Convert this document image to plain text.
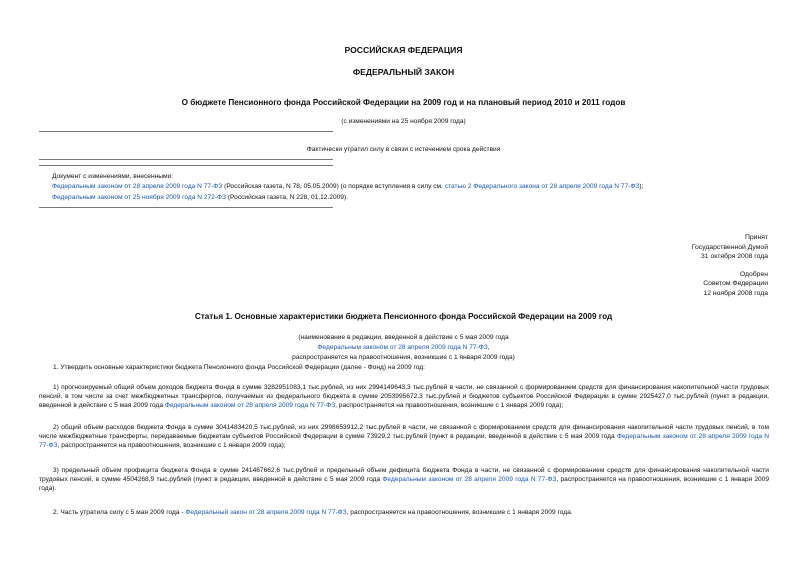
РОССИЙСКАЯ ФЕДЕРАЦИЯ
ФЕДЕРАЛЬНЫЙ ЗАКОН
О бюджете Пенсионного фонда Российской Федерации на 2009 год и на плановый период 2010 и 2011 годов
(с изменениями на 25 ноября 2009 года)
Фактически утратил силу в связи с истечением срока действия
Документ с изменениями, внесенными:
Федеральным законом от 28 апреля 2009 года N 77-ФЗ (Российская газета, N 78, 05.05.2009) (о порядке вступления в силу см. статью 2 Федерального закона от 28 апреля 2009 года N 77-ФЗ);
Федеральным законом от 25 ноября 2009 года N 272-ФЗ (Российская газета, N 228, 01.12.2009).
Принят
Государственной Думой
31 октября 2008 года
Одобрен
Советом Федерации
12 ноября 2008 года
Статья 1. Основные характеристики бюджета Пенсионного фонда Российской Федерации на 2009 год
(наименование в редакции, введенной в действие с 5 мая 2009 года
Федеральным законом от 28 апреля 2009 года N 77-ФЗ,
распространяется на правоотношения, возникшие с 1 января 2009 года)
1. Утвердить основные характеристики бюджета Пенсионного фонда Российской Федерации (далее - Фонд) на 2009 год:
1) прогнозируемый общий объем доходов бюджета Фонда в сумме 3282951083,1 тыс.рублей, из них 2994149643,3 тыс.рублей в части, не связанной с формированием средств для финансирования накопительной части трудовых пенсий, в том числе за счет межбюджетных трансфертов, получаемых из федерального бюджета в сумме 2053995672,3 тыс.рублей и бюджетов субъектов Российской Федерации в сумме 2925427,0 тыс.рублей (пункт в редакции, введенной в действие с 5 мая 2009 года Федеральным законом от 28 апреля 2009 года N 77-ФЗ, распространяется на правоотношения, возникшие с 1 января 2009 года);
2) общий объем расходов бюджета Фонда в сумме 3041483420,5 тыс.рублей, из них 2998653912,2 тыс.рублей в части, не связанной с формированием средств для финансирования накопительной части трудовых пенсий, в том числе межбюджетные трансферты, передаваемые бюджетам субъектов Российской Федерации в сумме 73929,2 тыс.рублей (пункт в редакции, введенной в действие с 5 мая 2009 года Федеральным законом от 28 апреля 2009 года N 77-ФЗ, распространяется на правоотношения, возникшие с 1 января 2009 года);
3) предельный объем профицита бюджета Фонда в сумме 241467662,6 тыс.рублей и предельный объем дефицита бюджета Фонда в части, не связанной с формированием средств для финансирования накопительной части трудовых пенсий, в сумме 4504268,9 тыс.рублей (пункт в редакции, введенной в действие с 5 мая 2009 года Федеральным законом от 28 апреля 2009 года N 77-ФЗ, распространяется на правоотношения, возникшие с 1 января 2009 года).
2. Часть утратила силу с 5 мая 2009 года - Федеральный закон от 28 апреля 2009 года N 77-ФЗ, распространяется на правоотношения, возникшие с 1 января 2009 года.
